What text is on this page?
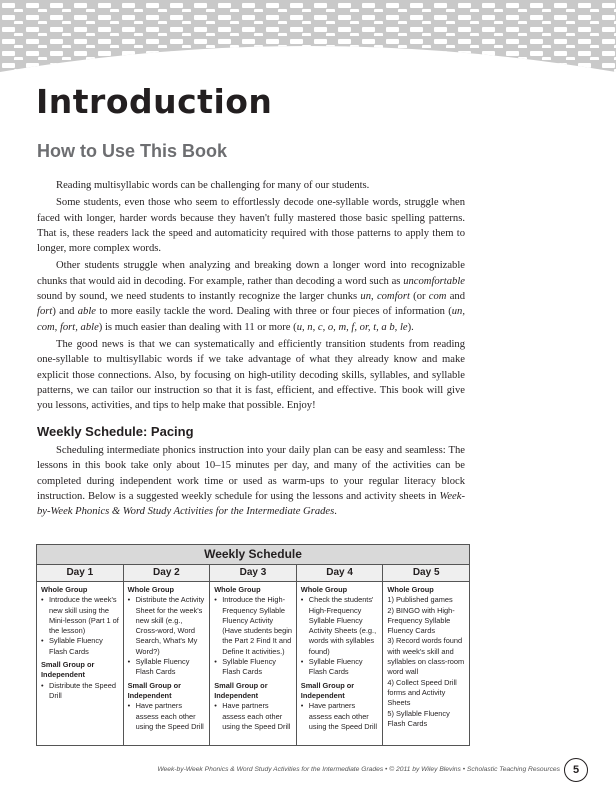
Introduction
How to Use This Book

Reading multisyllabic words can be challenging for many of our students.

Some students, even those who seem to effortlessly decode one-syllable words, struggle when faced with longer, harder words because they haven't fully mastered those basic spelling patterns. That is, these readers lack the speed and automaticity required with those patterns to apply them to longer, more complex words.

Other students struggle when analyzing and breaking down a longer word into recognizable chunks that would aid in decoding. For example, rather than decoding a word such as uncomfortable sound by sound, we need students to instantly recognize the larger chunks un, comfort (or com and fort) and able to more easily tackle the word. Dealing with three or four pieces of information (un, com, fort, able) is much easier than dealing with 11 or more (u, n, c, o, m, f, or, t, a b, le).

The good news is that we can systematically and efficiently transition students from reading one-syllable to multisyllabic words if we take advantage of what they already know and make explicit those connections. Also, by focusing on high-utility decoding skills, syllables, and syllable patterns, we can tailor our instruction so that it is fast, efficient, and effective. This book will give you lessons, activities, and tips to help make that possible. Enjoy!

Weekly Schedule: Pacing

Scheduling intermediate phonics instruction into your daily plan can be easy and seamless: The lessons in this book take only about 10–15 minutes per day, and many of the activities can be completed during independent work time or used as warm-ups to your regular literacy block instruction. Below is a suggested weekly schedule for using the lessons and activity sheets in Week-by-Week Phonics & Word Study Activities for the Intermediate Grades.

Weekly Schedule
Day 1
Whole Group
• Introduce the week's new skill using the Mini-lesson (Part 1 of the lesson)
• Syllable Fluency Flash Cards
Small Group or Independent
• Distribute the Speed Drill
Day 2
Whole Group
• Distribute the Activity Sheet for the week's new skill (e.g., Cross-word, Word Search, What's My Word?)
• Syllable Fluency Flash Cards
Small Group or Independent
• Have partners assess each other using the Speed Drill
Day 3
Whole Group
• Introduce the High-Frequency Syllable Fluency Activity (Have students begin the Part 2 Find It and Define It activities.)
• Syllable Fluency Flash Cards
Small Group or Independent
• Have partners assess each other using the Speed Drill
Day 4
Whole Group
• Check the students' High-Frequency Syllable Fluency Activity Sheets (e.g., words with syllables found)
• Syllable Fluency Flash Cards
Small Group or Independent
• Have partners assess each other using the Speed Drill
Day 5
Whole Group
1) Published games
2) BINGO with High-Frequency Syllable Fluency Cards
3) Record words found with week's skill and syllables on class-room word wall
4) Collect Speed Drill forms and Activity Sheets
5) Syllable Fluency Flash Cards
Week-by-Week Phonics & Word Study Activities for the Intermediate Grades • © 2011 by Wiley Blevins • Scholastic Teaching Resources	5
